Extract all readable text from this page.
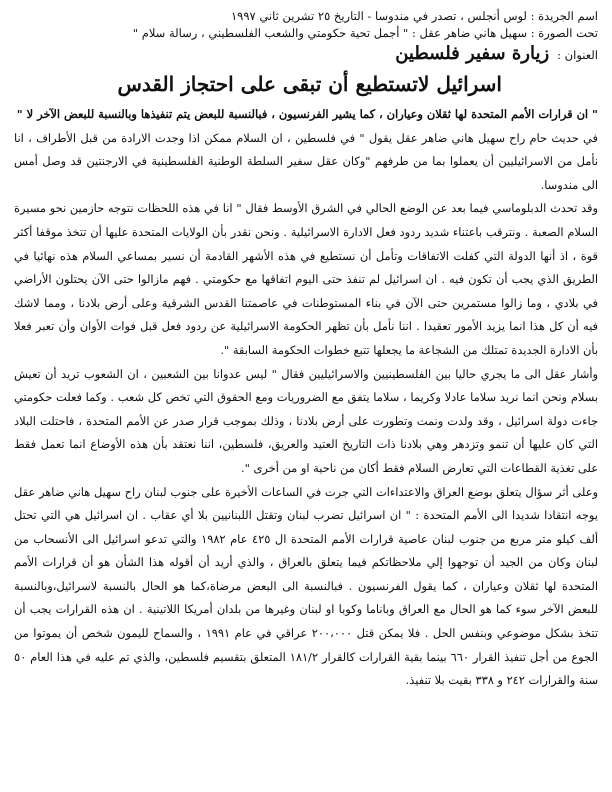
اسم الجريدة : لوس أنجلس ، تصدر في مندوسا - التاريخ ٢٥ تشرين ثاني ١٩٩٧
تحت الصورة : سهيل هاني ضاهر عقل : " أجمل تحية حكومتي والشعب الفلسطيني ، رسالة سلام "
العنوان :
زيارة سفير فلسطين
اسرائيل لاتستطيع أن تبقى على احتجاز القدس

" ان قرارات الأمم المتحدة لها ثقلان وعياران ، كما يشير الفرنسيون ، فبالنسبة للبعض يتم تنفيذها وبالنسبة للبعض الآخر لا "

في حديث حام راح سهيل هاني ضاهر عقل يقول " في فلسطين ، ان السلام ممكن اذا وجدت الارادة من قبل الأطراف ، انا نأمل من الاسرائيليين أن يعملوا بما من طرفهم "وكان عقل سفير السلطة الوطنية الفلسطينية في الارجنتين قد وصل أمس الى مندوسا.

وقد تحدث الدبلوماسي فيما بعد عن الوضع الحالي في الشرق الأوسط فقال " انا في هذه اللحظات نتوجه حازمين نحو مسيرة السلام الصعبة . ونترقب باعتناء شديد ردود فعل الادارة الاسرائيلية . ونحن نقدر بأن الولايات المتحدة عليها أن تتخذ موقفا أكثر قوة ، اذ أنها الدولة التي كفلت الاتفاقات وتأمل أن نستطيع في هذه الأشهر القادمة أن نسير بمساعي السلام هذه نهائيا في الطريق الذي يجب أن تكون فيه . ان اسرائيل لم تنفذ حتى اليوم اتفاقها مع حكومتي . فهم مازالوا حتى الآن يحتلون الأراضي في بلادي ، وما زالوا مستمرين حتى الآن في بناء المستوطنات في عاصمتنا القدس الشرقية وعلى أرض بلادنا ، ومما لاشك فيه أن كل هذا انما يزيد الأمور تعقيدا . اننا نأمل بأن تظهر الحكومة الاسرائيلية عن ردود فعل قبل فوات الأوان وأن تعبر فعلا بأن الادارة الجديدة تمتلك من الشجاعة ما يجعلها تتبع خطوات الحكومة السابقة ".

وأشار عقل الى ما يجري حاليا بين الفلسطينيين والاسرائيليين فقال " ليس عدوانا بين الشعبين ، ان الشعوب تريد أن تعيش بسلام ونحن انما نريد سلاما عادلا وكريما ، سلاما يتفق مع الضروريات ومع الحقوق التي تخص كل شعب . وكما فعلت حكومتي جاءت دولة اسرائيل ، وقد ولدت ونمت وتطورت على أرض بلادنا ، وذلك بموجب قرار صدر عن الأمم المتحدة ، فاحتلت البلاد التي كان عليها أن تنمو وتزدهر وهي بلادنا ذات التاريخ العتيد والعريق، فلسطين، اننا نعتقد بأن هذه الأوضاع انما تعمل فقط على تغذية القطاعات التي تعارض السلام فقط أكان من ناحية او من أخرى ".

وعلى أثر سؤال يتعلق بوضع العراق والاعتداءات التي جرت في الساعات الأخيرة على جنوب لبنان راح سهيل هاني ضاهر عقل يوجه انتقادا شديدا الى الأمم المتحدة : " ان اسرائيل تضرب لبنان وتقتل اللبنانيين بلا أي عقاب . ان اسرائيل هي التي تحتل ألف كيلو متر مربع من جنوب لبنان عاصية قرارات الأمم المتحدة ال ٤٢٥ عام ١٩٨٢ والتي تدعو اسرائيل الى الأنسحاب من لبنان وكان من الجيد أن توجهوا إلي ملاحظاتكم فيما يتعلق بالعراق ، والذي أريد أن أقوله هذا الشأن هو أن قرارات الأمم المتحدة لها ثقلان وعياران ، كما يقول الفرنسيون . فبالنسبة الى البعض مرضاة،كما هو الحال بالنسبة لاسرائيل،وبالنسبة للبعض الآخر سوء كما هو الحال مع العراق وباناما وكوبا او لبنان وغيرها من بلدان أمريكا اللاتينية . ان هذه القرارات يجب أن تتخذ بشكل موضوعي وبنفس الحل . فلا يمكن قتل ٢٠٠،٠٠٠ عراقي في عام ١٩٩١ ، والسماح لليمون شخص أن يموتوا من الجوع من أجل تنفيذ القرار ٦٦٠ بينما بقية القرارات كالقرار ١٨١/٢ المتعلق بتقسيم فلسطين، والذي تم عليه في هذا العام ٥٠ سنة والقرارات ٢٤٢ و ٣٣٨ بقيت بلا تنفيذ.
